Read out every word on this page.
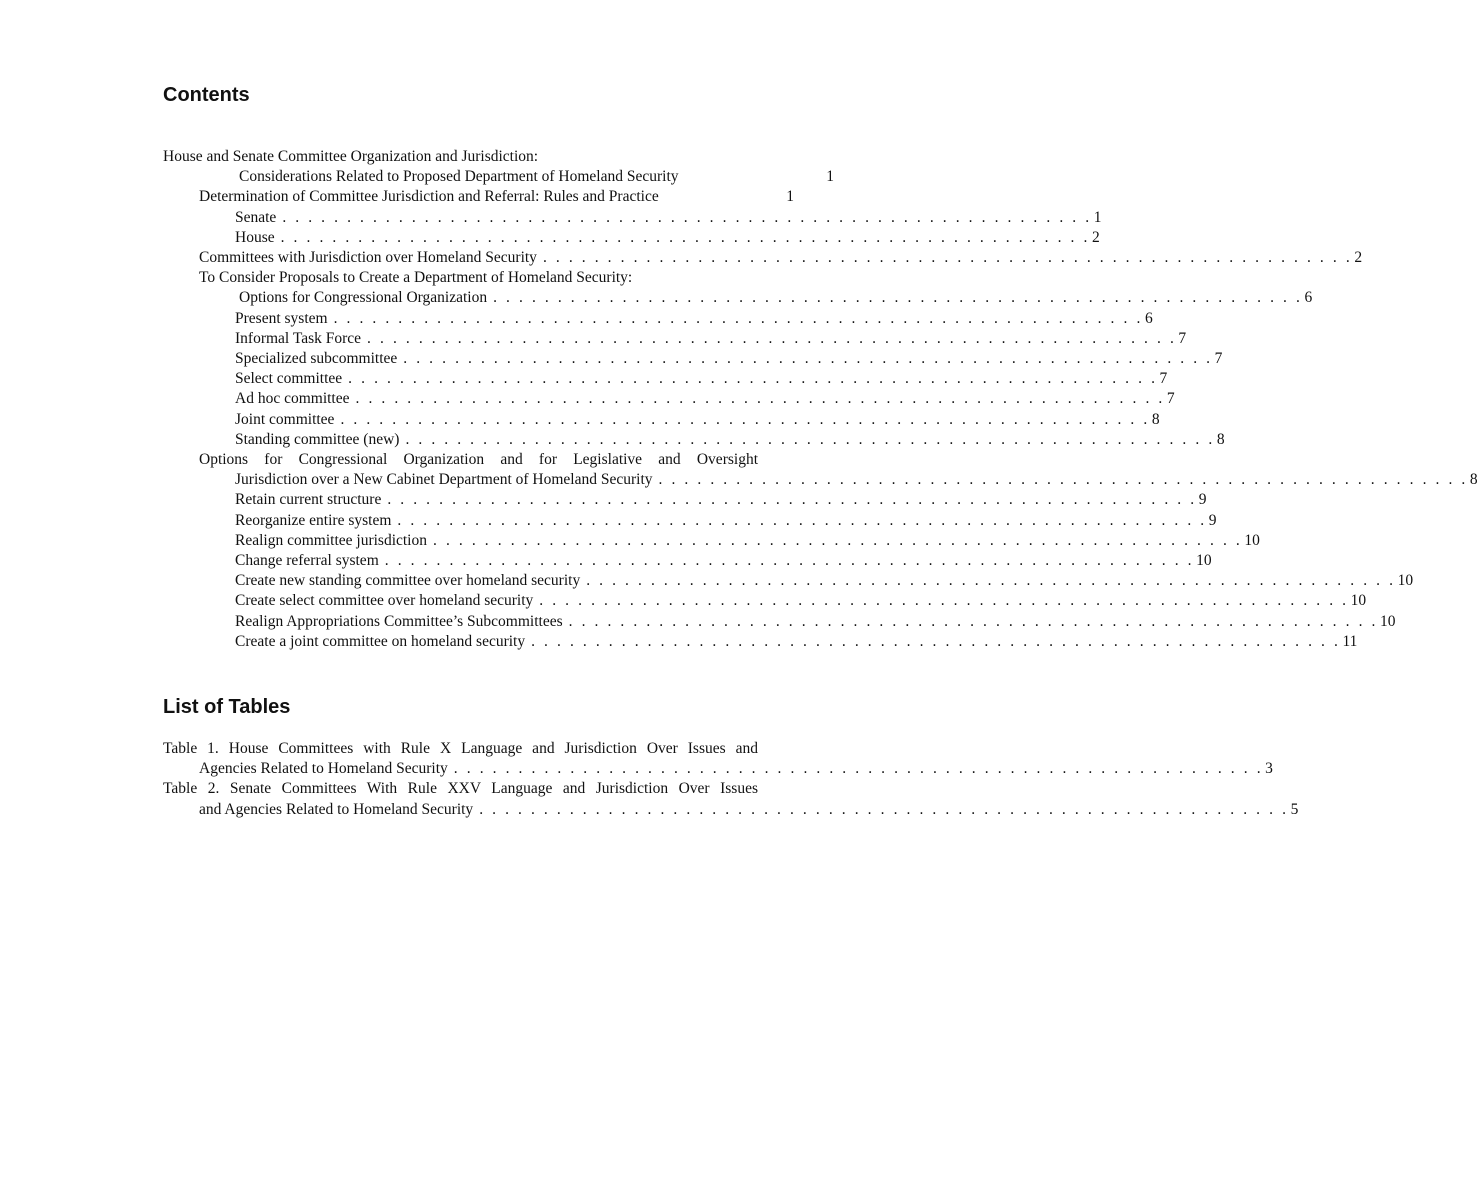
Contents
House and Senate Committee Organization and Jurisdiction:
Considerations Related to Proposed Department of Homeland Security	1
Determination of Committee Jurisdiction and Referral: Rules and Practice	1
Senate . . . . . . . . . . . . . . . . . . . . . . . . . . . . . . . . . . . . . . . . . . . . . . . . . . . . . . . . . . . . . . . 1
House . . . . . . . . . . . . . . . . . . . . . . . . . . . . . . . . . . . . . . . . . . . . . . . . . . . . . . . . . . . . . . . 2
Committees with Jurisdiction over Homeland Security . . . . . . . . . . . . . . . . . . . . . . . . . . . . . . . . . . . . . . . . . . . . . . . . . . . . . . . . . . . . . . . 2
To Consider Proposals to Create a Department of Homeland Security:
Options for Congressional Organization . . . . . . . . . . . . . . . . . . . . . . . . . . . . . . . . . . . . . . . . . . . . . . . . . . . . . . . . . . . . . . . 6
Present system . . . . . . . . . . . . . . . . . . . . . . . . . . . . . . . . . . . . . . . . . . . . . . . . . . . . . . . . . . . . . . . 6
Informal Task Force . . . . . . . . . . . . . . . . . . . . . . . . . . . . . . . . . . . . . . . . . . . . . . . . . . . . . . . . . . . . . . . 7
Specialized subcommittee . . . . . . . . . . . . . . . . . . . . . . . . . . . . . . . . . . . . . . . . . . . . . . . . . . . . . . . . . . . . . . . 7
Select committee . . . . . . . . . . . . . . . . . . . . . . . . . . . . . . . . . . . . . . . . . . . . . . . . . . . . . . . . . . . . . . . 7
Ad hoc committee . . . . . . . . . . . . . . . . . . . . . . . . . . . . . . . . . . . . . . . . . . . . . . . . . . . . . . . . . . . . . . . 7
Joint committee . . . . . . . . . . . . . . . . . . . . . . . . . . . . . . . . . . . . . . . . . . . . . . . . . . . . . . . . . . . . . . . 8
Standing committee (new) . . . . . . . . . . . . . . . . . . . . . . . . . . . . . . . . . . . . . . . . . . . . . . . . . . . . . . . . . . . . . . . 8
Options for Congressional Organization and for Legislative and Oversight
Jurisdiction over a New Cabinet Department of Homeland Security . . . . . . . . . . . . . . . . . . . . . . . . . . . . . . . . . . . . . . . . . . . . . . . . . . . . . . . . . . . . . . . 8
Retain current structure . . . . . . . . . . . . . . . . . . . . . . . . . . . . . . . . . . . . . . . . . . . . . . . . . . . . . . . . . . . . . . . 9
Reorganize entire system . . . . . . . . . . . . . . . . . . . . . . . . . . . . . . . . . . . . . . . . . . . . . . . . . . . . . . . . . . . . . . . 9
Realign committee jurisdiction . . . . . . . . . . . . . . . . . . . . . . . . . . . . . . . . . . . . . . . . . . . . . . . . . . . . . . . . . . . . . . . 10
Change referral system . . . . . . . . . . . . . . . . . . . . . . . . . . . . . . . . . . . . . . . . . . . . . . . . . . . . . . . . . . . . . . . 10
Create new standing committee over homeland security . . . . . . . . . . . . . . . . . . . . . . . . . . . . . . . . . . . . . . . . . . . . . . . . . . . . . . . . . . . . . . . 10
Create select committee over homeland security . . . . . . . . . . . . . . . . . . . . . . . . . . . . . . . . . . . . . . . . . . . . . . . . . . . . . . . . . . . . . . . 10
Realign Appropriations Committee’s Subcommittees . . . . . . . . . . . . . . . . . . . . . . . . . . . . . . . . . . . . . . . . . . . . . . . . . . . . . . . . . . . . . . . 10
Create a joint committee on homeland security . . . . . . . . . . . . . . . . . . . . . . . . . . . . . . . . . . . . . . . . . . . . . . . . . . . . . . . . . . . . . . . 11
List of Tables
Table 1. House Committees with Rule X Language and Jurisdiction Over Issues and
Agencies Related to Homeland Security . . . . . . . . . . . . . . . . . . . . . . . . . . . . . . . . . . . . . . . . . . . . . . . . . . . . . . . . . . . . . . . 3
Table 2. Senate Committees With Rule XXV Language and Jurisdiction Over Issues
and Agencies Related to Homeland Security . . . . . . . . . . . . . . . . . . . . . . . . . . . . . . . . . . . . . . . . . . . . . . . . . . . . . . . . . . . . . . . 5
